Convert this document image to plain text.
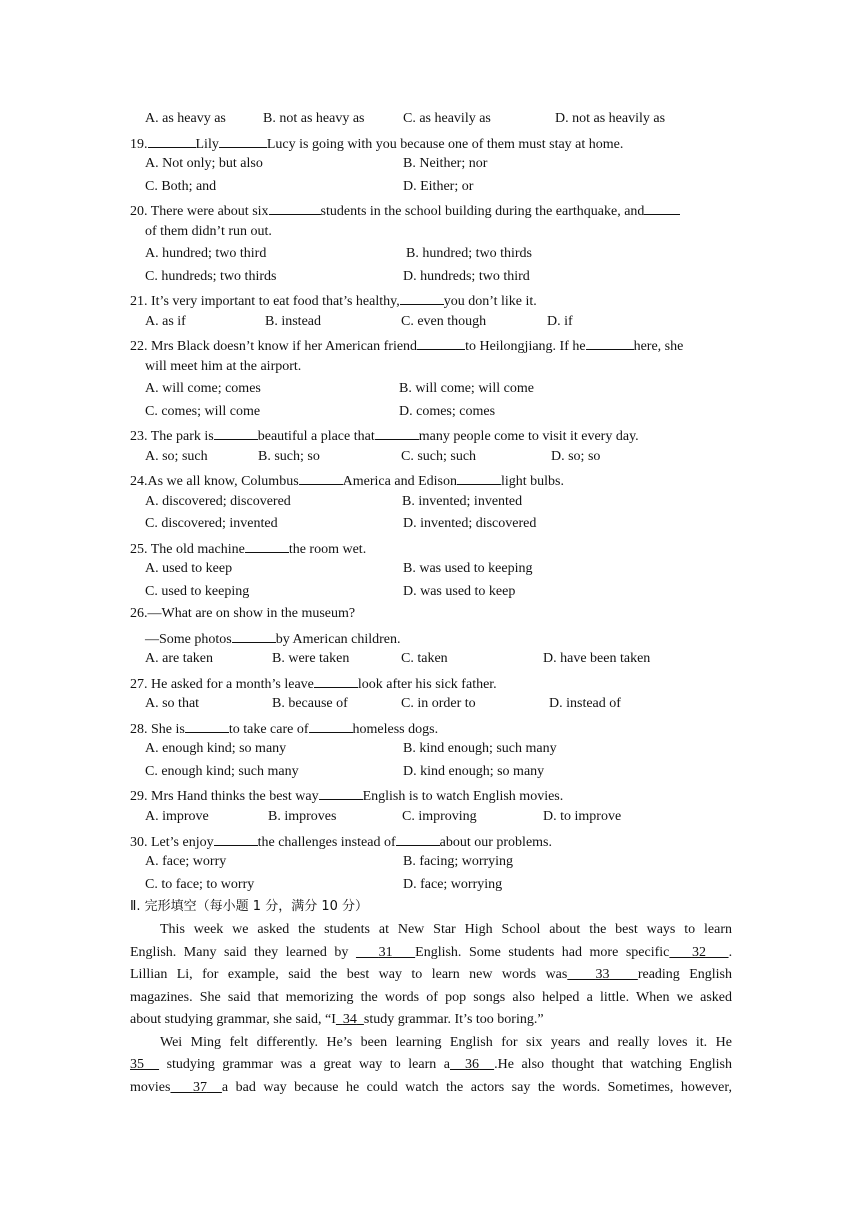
A. as heavy as	B. not as heavy as	C. as heavily as	D. not as heavily as
19.	Lily	Lucy is going with you because one of them must stay at home.
A. Not only; but also	B. Neither; nor
C. Both; and	D. Either; or
20. There were about six	students in the school building during the earthquake, and
of them didn’t run out.
A. hundred; two third	B. hundred; two thirds
C. hundreds; two thirds	D. hundreds; two third
21. It’s very important to eat food that’s healthy,	you don’t like it.
A. as if	B. instead	C. even though	D. if
22. Mrs Black doesn’t know if her American friend	to Heilongjiang. If he	here, she
will meet him at the airport.
A. will come; comes	B. will come; will come
C. comes; will come	D. comes; comes
23. The park is	beautiful a place that	many people come to visit it every day.
A. so; such	B. such; so	C. such; such	D. so; so
24.As we all know, Columbus	America and Edison	light bulbs.
A. discovered; discovered	B. invented; invented
C. discovered; invented	D. invented; discovered
25. The old machine	the room wet.
A. used to keep	B. was used to keeping
C. used to keeping	D. was used to keep
26.—What are on show in the museum?
—Some photos	by American children.
A. are taken	B. were taken	C. taken	D. have been taken
27. He asked for a month’s leave	look after his sick father.
A. so that	B. because of	C. in order to	D. instead of
28. She is	to take care of	homeless dogs.
A. enough kind; so many	B. kind enough; such many
C. enough kind; such many	D. kind enough; so many
29. Mrs Hand thinks the best way	English is to watch English movies.
A. improve	B. improves	C. improving	D. to improve
30. Let’s enjoy	the challenges instead of	about our problems.
A. face; worry	B. facing; worrying
C. to face; to worry	D. face; worrying
Ⅱ. 完形填空（每小题 1 分，满分 10 分）
This week we asked the students at New Star High School about the best ways to learn
English. Many said they learned by 31 English. Some students had more specific 32 .
Lillian Li, for example, said the best way to learn new words was 33 reading English
magazines. She said that memorizing the words of pop songs also helped a little. When we asked
about studying grammar, she said, “I 34 study grammar. It’s too boring.”
Wei Ming felt differently. He’s been learning English for six years and really loves it. He
35 studying grammar was a great way to learn a 36 .He also thought that watching English
movies 37 a bad way because he could watch the actors say the words. Sometimes, however,
